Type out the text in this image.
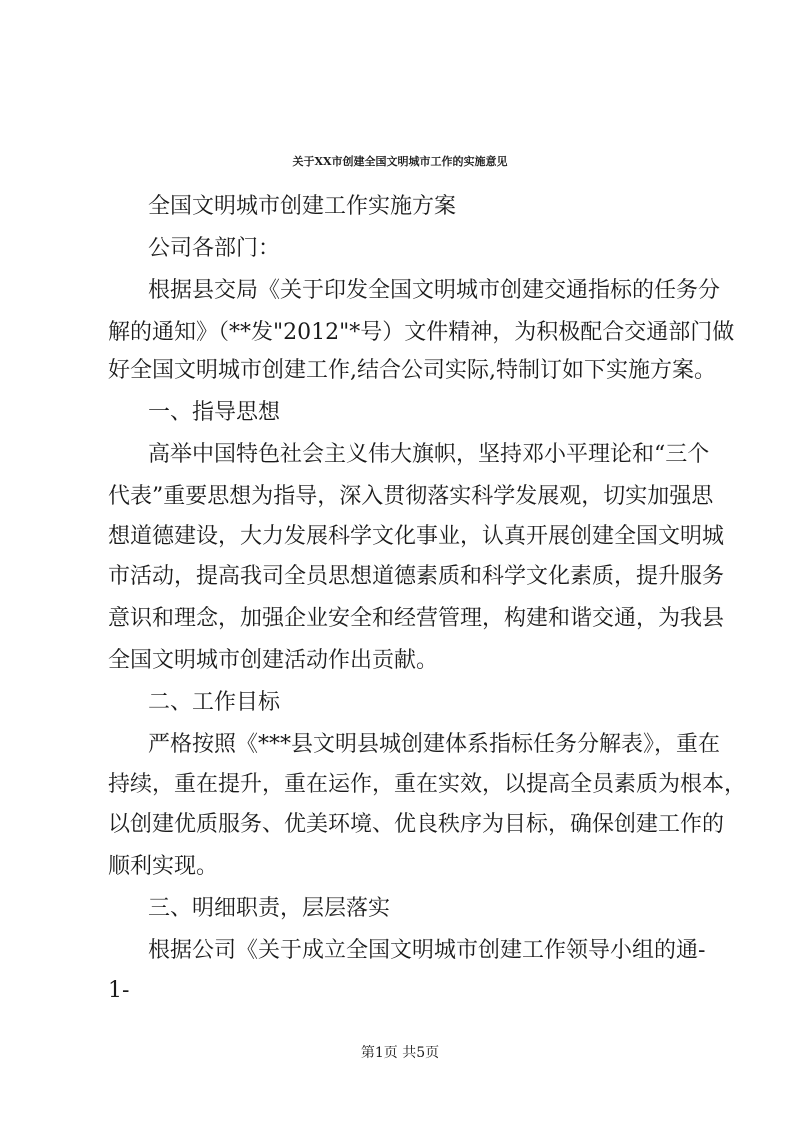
关于XX市创建全国文明城市工作的实施意见
全国文明城市创建工作实施方案
公司各部门：
根据县交局《关于印发全国文明城市创建交通指标的任务分
解的通知》（**发"2012"*号）文件精神，为积极配合交通部门做
好全国文明城市创建工作,结合公司实际,特制订如下实施方案。
一、指导思想
高举中国特色社会主义伟大旗帜，坚持邓小平理论和“三个
代表”重要思想为指导，深入贯彻落实科学发展观，切实加强思
想道德建设，大力发展科学文化事业，认真开展创建全国文明城
市活动，提高我司全员思想道德素质和科学文化素质，提升服务
意识和理念，加强企业安全和经营管理，构建和谐交通，为我县
全国文明城市创建活动作出贡献。
二、工作目标
严格按照《***县文明县城创建体系指标任务分解表》，重在
持续，重在提升，重在运作，重在实效，以提高全员素质为根本，
以创建优质服务、优美环境、优良秩序为目标，确保创建工作的
顺利实现。
三、明细职责，层层落实
根据公司《关于成立全国文明城市创建工作领导小组的通-
1-
第1页 共5页
